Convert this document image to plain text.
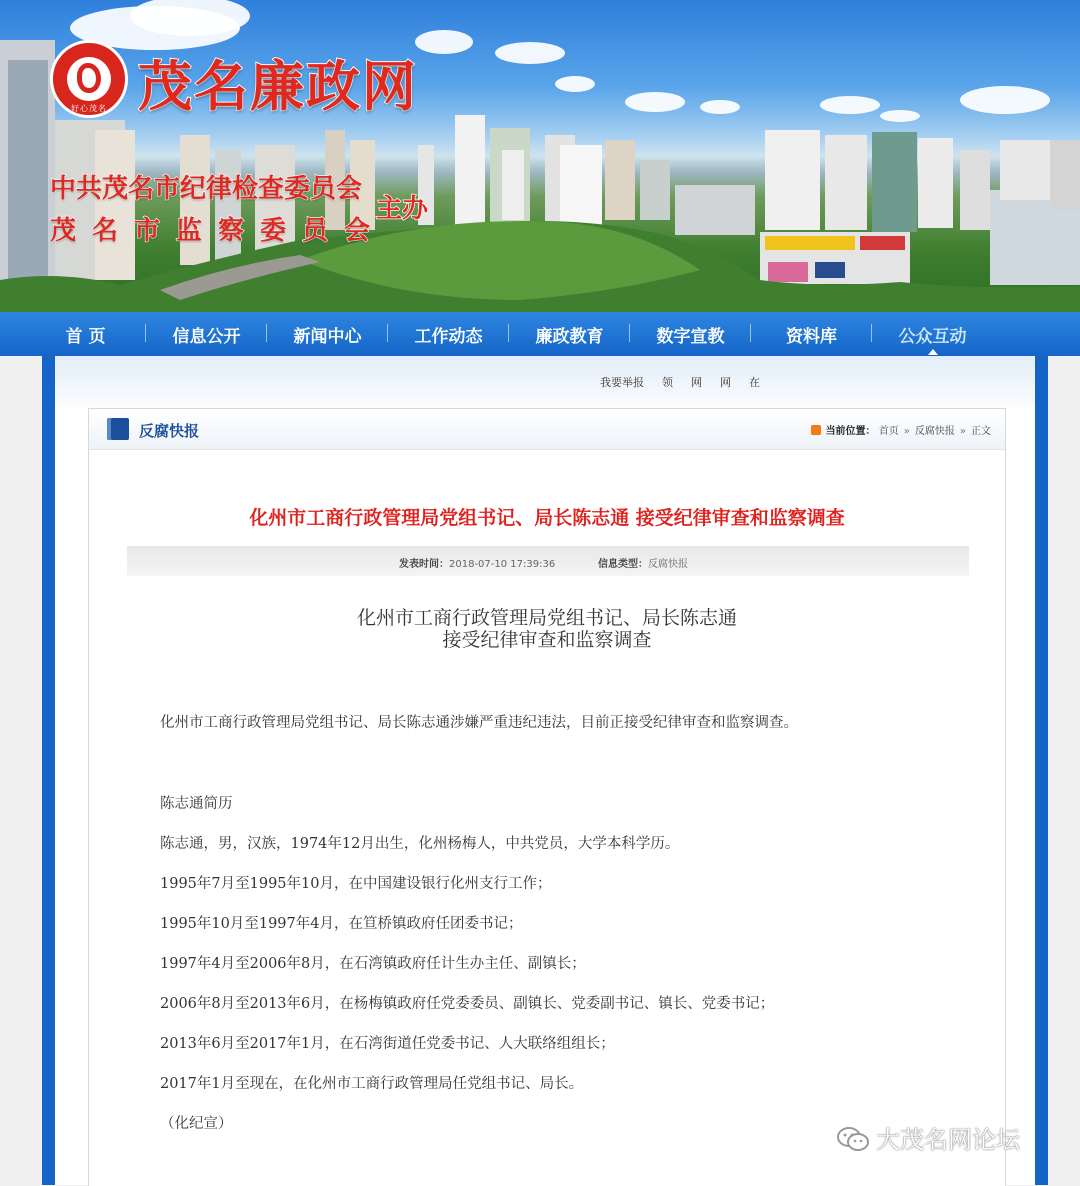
好心茂名 茂名廉政网

中共茂名市纪律检查委员会

茂名市监察委员会

主办

首 页	信息公开	新闻中心	工作动态	廉政教育	数字宣教	资料库	公众互动
我要举报 领 网 网 在
反腐快报	当前位置： 首页 » 反腐快报 » 正文
化州市工商行政管理局党组书记、局长陈志通 接受纪律审查和监察调查
发表时间：2018-07-10 17:39:36	信息类型：反腐快报
化州市工商行政管理局党组书记、局长陈志通
接受纪律审查和监察调查

化州市工商行政管理局党组书记、局长陈志通涉嫌严重违纪违法，目前正接受纪律审查和监察调查。

陈志通简历

陈志通，男，汉族，1974年12月出生，化州杨梅人，中共党员，大学本科学历。

1995年7月至1995年10月，在中国建设银行化州支行工作；

1995年10月至1997年4月，在笪桥镇政府任团委书记；

1997年4月至2006年8月，在石湾镇政府任计生办主任、副镇长；

2006年8月至2013年6月，在杨梅镇政府任党委委员、副镇长、党委副书记、镇长、党委书记；

2013年6月至2017年1月，在石湾街道任党委书记、人大联络组组长；

2017年1月至现在，在化州市工商行政管理局任党组书记、局长。

（化纪宣）

大茂名网论坛
